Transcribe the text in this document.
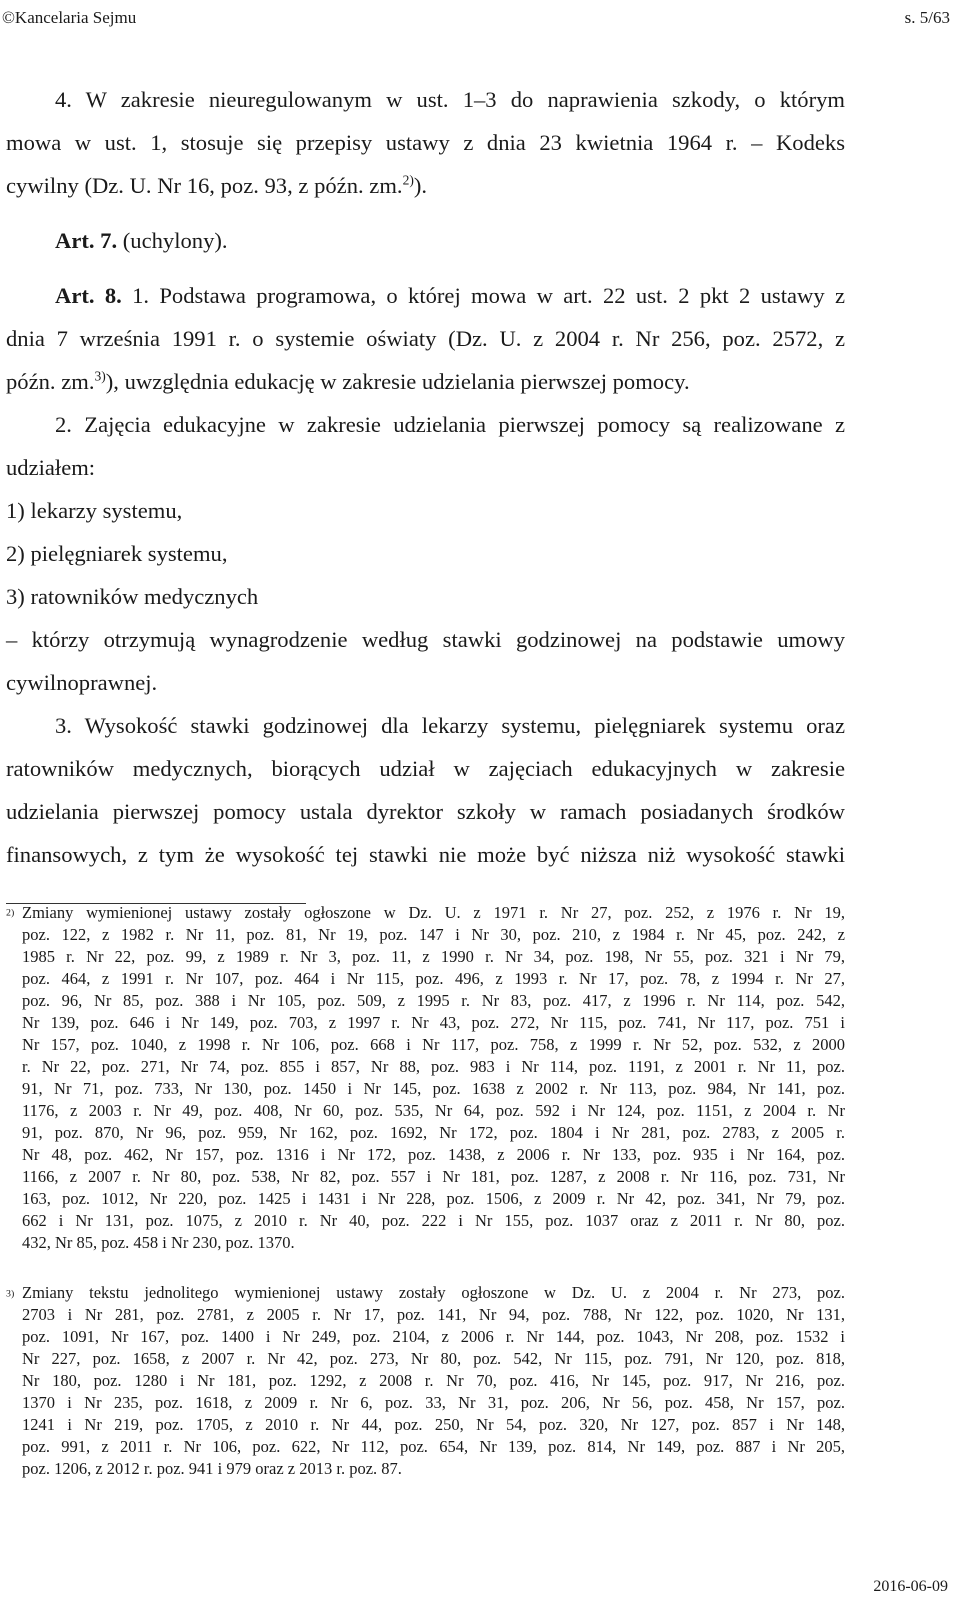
©Kancelaria Sejmu	s. 5/63
4. W zakresie nieuregulowanym w ust. 1–3 do naprawienia szkody, o którym
mowa w ust. 1, stosuje się przepisy ustawy z dnia 23 kwietnia 1964 r. – Kodeks
cywilny (Dz. U. Nr 16, poz. 93, z późn. zm.$^{2)}$).
Art. 7. (uchylony).
Art. 8. 1. Podstawa programowa, o której mowa w art. 22 ust. 2 pkt 2 ustawy z
dnia 7 września 1991 r. o systemie oświaty (Dz. U. z 2004 r. Nr 256, poz. 2572, z
późn. zm.$^{3)}$), uwzględnia edukację w zakresie udzielania pierwszej pomocy.
2. Zajęcia edukacyjne w zakresie udzielania pierwszej pomocy są realizowane z
udziałem:
1) lekarzy systemu,
2) pielęgniarek systemu,
3) ratowników medycznych
– którzy otrzymują wynagrodzenie według stawki godzinowej na podstawie umowy
cywilnoprawnej.
3. Wysokość stawki godzinowej dla lekarzy systemu, pielęgniarek systemu oraz
ratowników medycznych, biorących udział w zajęciach edukacyjnych w zakresie
udzielania pierwszej pomocy ustala dyrektor szkoły w ramach posiadanych środków
finansowych, z tym że wysokość tej stawki nie może być niższa niż wysokość stawki
$^{2)}$
$^{3)}$
Zmiany wymienionej ustawy zostały ogłoszone w Dz. U. z 1971 r. Nr 27, poz. 252, z 1976 r. Nr 19,
poz. 122, z 1982 r. Nr 11, poz. 81, Nr 19, poz. 147 i Nr 30, poz. 210, z 1984 r. Nr 45, poz. 242, z
1985 r. Nr 22, poz. 99, z 1989 r. Nr 3, poz. 11, z 1990 r. Nr 34, poz. 198, Nr 55, poz. 321 i Nr 79,
poz. 464, z 1991 r. Nr 107, poz. 464 i Nr 115, poz. 496, z 1993 r. Nr 17, poz. 78, z 1994 r. Nr 27,
poz. 96, Nr 85, poz. 388 i Nr 105, poz. 509, z 1995 r. Nr 83, poz. 417, z 1996 r. Nr 114, poz. 542,
Nr 139, poz. 646 i Nr 149, poz. 703, z 1997 r. Nr 43, poz. 272, Nr 115, poz. 741, Nr 117, poz. 751 i
Nr 157, poz. 1040, z 1998 r. Nr 106, poz. 668 i Nr 117, poz. 758, z 1999 r. Nr 52, poz. 532, z 2000
r. Nr 22, poz. 271, Nr 74, poz. 855 i 857, Nr 88, poz. 983 i Nr 114, poz. 1191, z 2001 r. Nr 11, poz.
91, Nr 71, poz. 733, Nr 130, poz. 1450 i Nr 145, poz. 1638 z 2002 r. Nr 113, poz. 984, Nr 141, poz.
1176, z 2003 r. Nr 49, poz. 408, Nr 60, poz. 535, Nr 64, poz. 592 i Nr 124, poz. 1151, z 2004 r. Nr
91, poz. 870, Nr 96, poz. 959, Nr 162, poz. 1692, Nr 172, poz. 1804 i Nr 281, poz. 2783, z 2005 r.
Nr 48, poz. 462, Nr 157, poz. 1316 i Nr 172, poz. 1438, z 2006 r. Nr 133, poz. 935 i Nr 164, poz.
1166, z 2007 r. Nr 80, poz. 538, Nr 82, poz. 557 i Nr 181, poz. 1287, z 2008 r. Nr 116, poz. 731, Nr
163, poz. 1012, Nr 220, poz. 1425 i 1431 i Nr 228, poz. 1506, z 2009 r. Nr 42, poz. 341, Nr 79, poz.
662 i Nr 131, poz. 1075, z 2010 r. Nr 40, poz. 222 i Nr 155, poz. 1037 oraz z 2011 r. Nr 80, poz.
432, Nr 85, poz. 458 i Nr 230, poz. 1370.
Zmiany tekstu jednolitego wymienionej ustawy zostały ogłoszone w Dz. U. z 2004 r. Nr 273, poz.
2703 i Nr 281, poz. 2781, z 2005 r. Nr 17, poz. 141, Nr 94, poz. 788, Nr 122, poz. 1020, Nr 131,
poz. 1091, Nr 167, poz. 1400 i Nr 249, poz. 2104, z 2006 r. Nr 144, poz. 1043, Nr 208, poz. 1532 i
Nr 227, poz. 1658, z 2007 r. Nr 42, poz. 273, Nr 80, poz. 542, Nr 115, poz. 791, Nr 120, poz. 818,
Nr 180, poz. 1280 i Nr 181, poz. 1292, z 2008 r. Nr 70, poz. 416, Nr 145, poz. 917, Nr 216, poz.
1370 i Nr 235, poz. 1618, z 2009 r. Nr 6, poz. 33, Nr 31, poz. 206, Nr 56, poz. 458, Nr 157, poz.
1241 i Nr 219, poz. 1705, z 2010 r. Nr 44, poz. 250, Nr 54, poz. 320, Nr 127, poz. 857 i Nr 148,
poz. 991, z 2011 r. Nr 106, poz. 622, Nr 112, poz. 654, Nr 139, poz. 814, Nr 149, poz. 887 i Nr 205,
poz. 1206, z 2012 r. poz. 941 i 979 oraz z 2013 r. poz. 87.
2016-06-09
